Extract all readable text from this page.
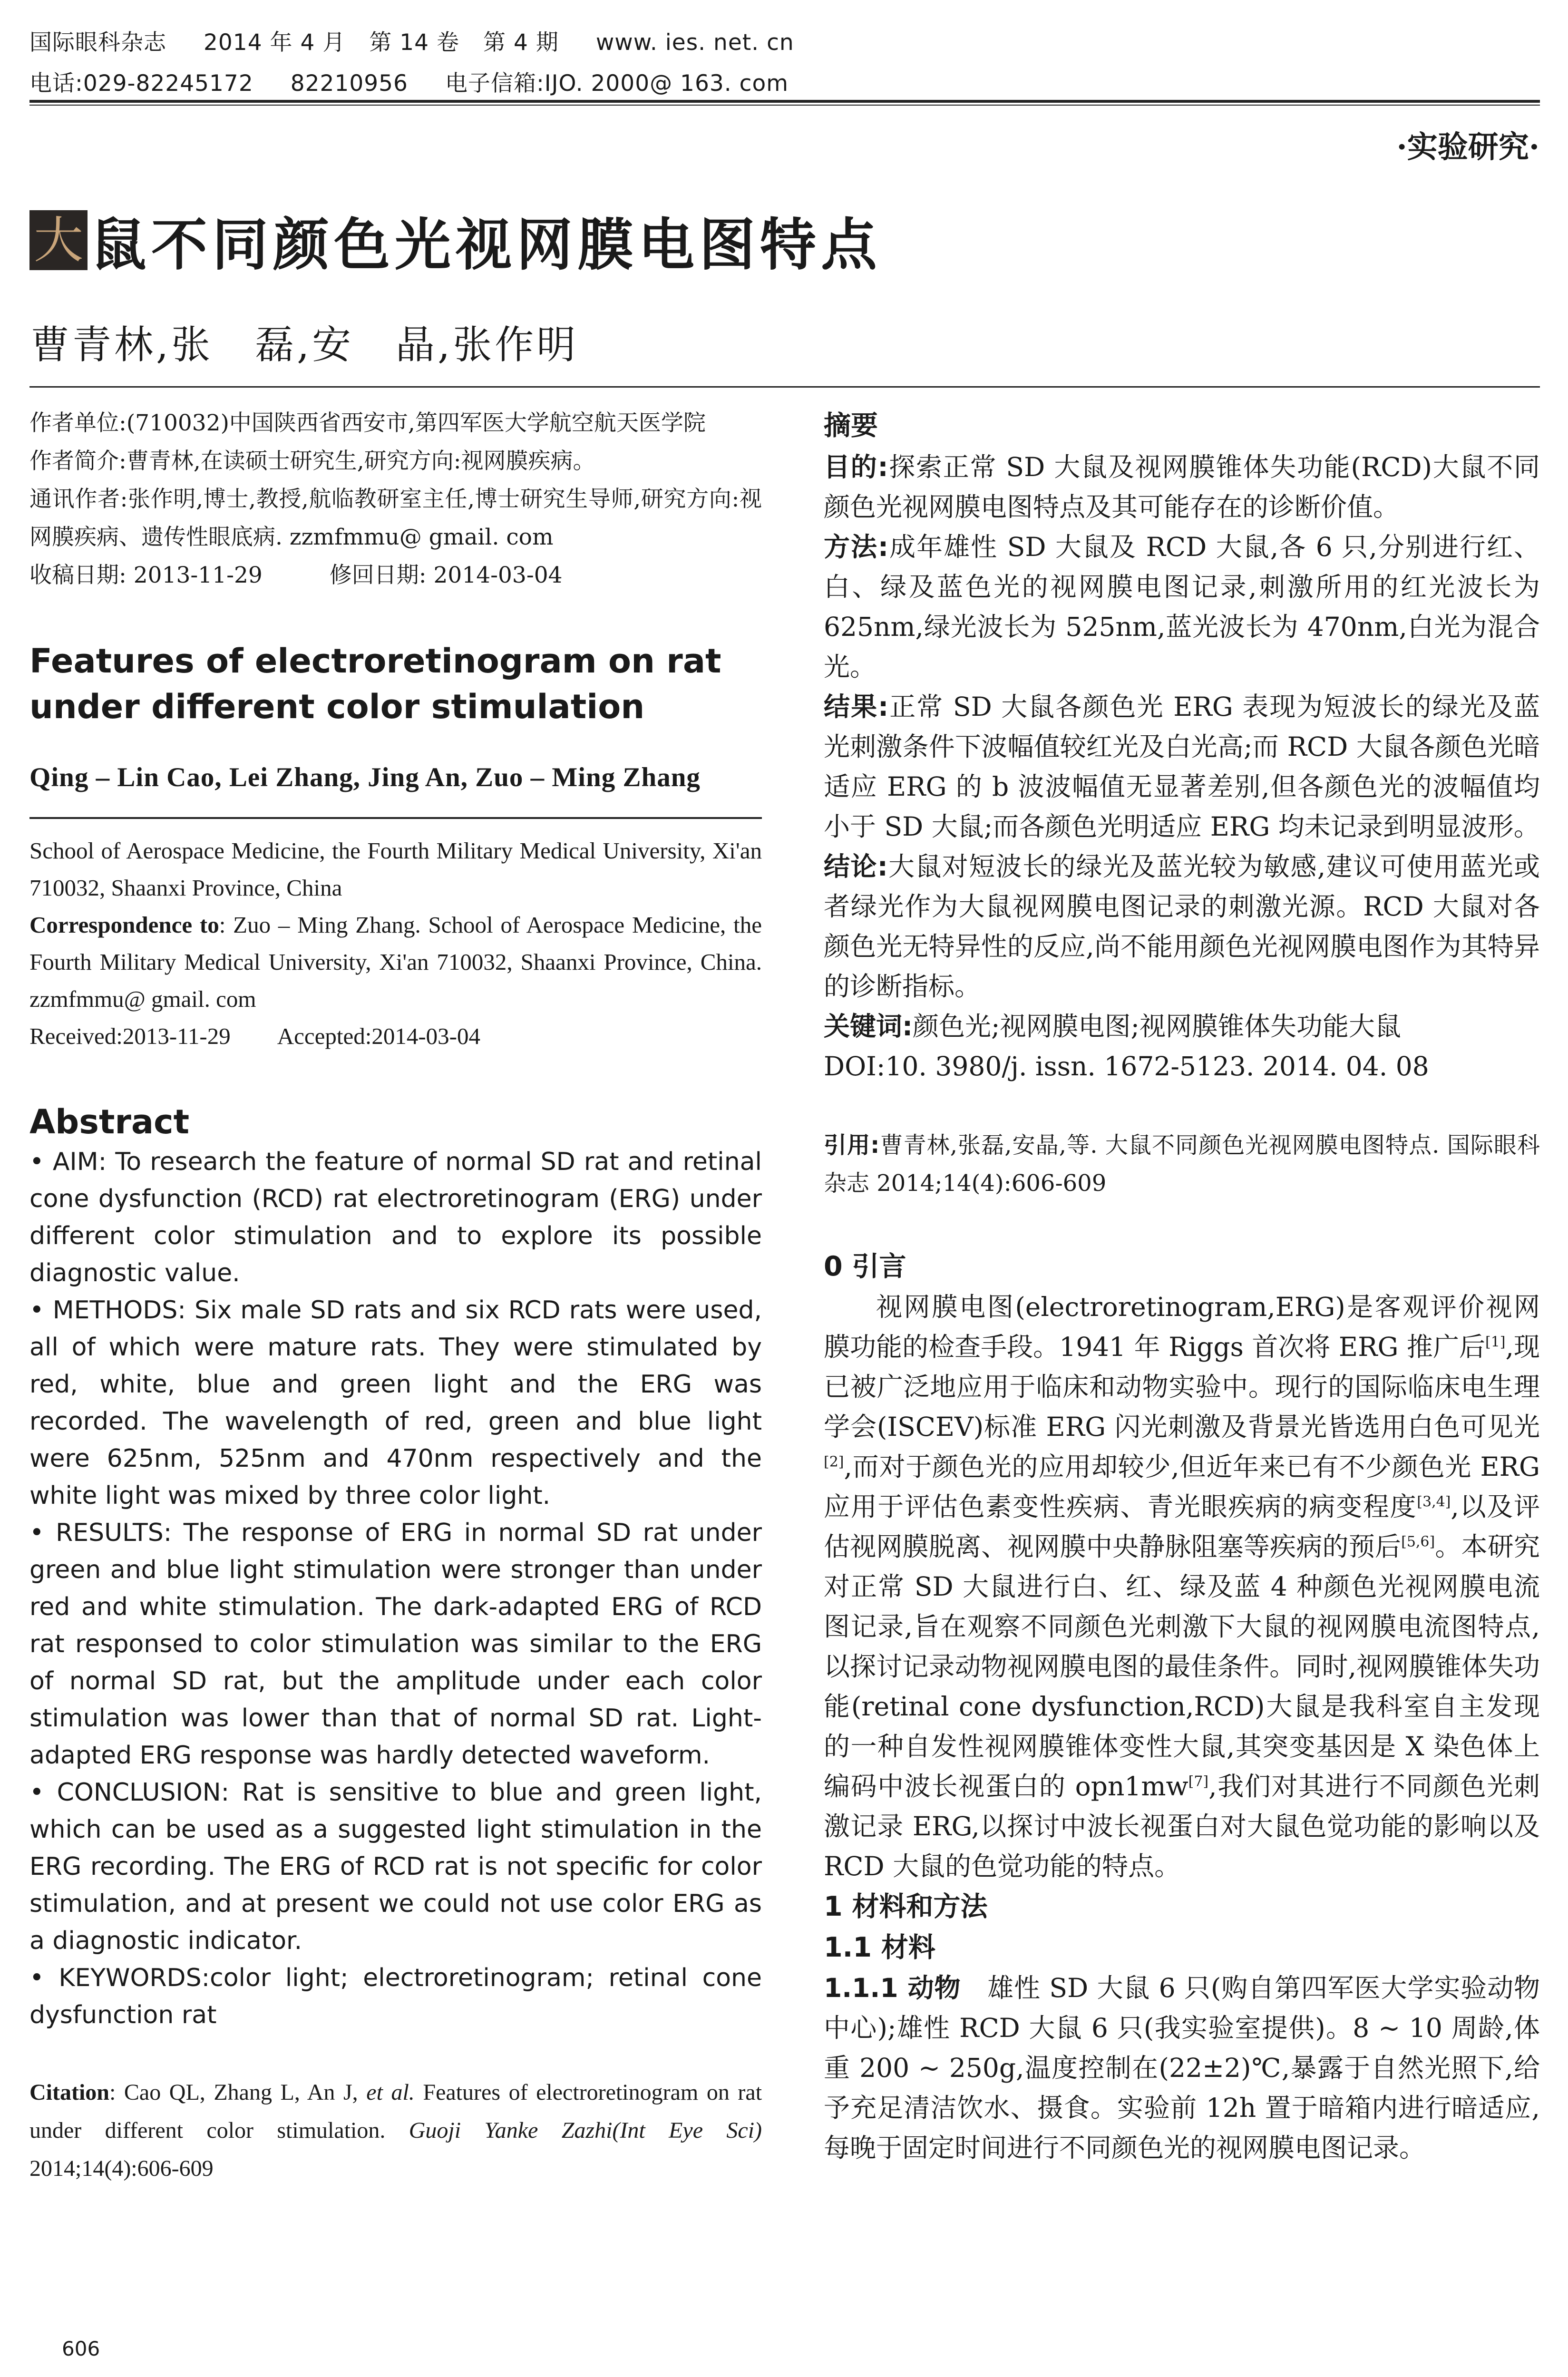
国际眼科杂志 2014 年 4 月 第 14 卷 第 4 期 www. ies. net. cn
电话:029-82245172 82210956 电子信箱:IJO. 2000@ 163. com
·实验研究·
大 鼠不同颜色光视网膜电图特点
曹青林,张　磊,安　晶,张作明

作者单位:(710032)中国陕西省西安市,第四军医大学航空航天医学院

作者简介:曹青林,在读硕士研究生,研究方向:视网膜疾病。

通讯作者:张作明,博士,教授,航临教研室主任,博士研究生导师,研究方向:视网膜疾病、遗传性眼底病. zzmfmmu@ gmail. com

收稿日期: 2013-11-29　　　修回日期: 2014-03-04

Features of electroretinogram on rat under different color stimulation
Qing – Lin Cao, Lei Zhang, Jing An, Zuo – Ming Zhang

School of Aerospace Medicine, the Fourth Military Medical University, Xi'an 710032, Shaanxi Province, China

Correspondence to: Zuo – Ming Zhang. School of Aerospace Medicine, the Fourth Military Medical University, Xi'an 710032, Shaanxi Province, China. zzmfmmu@ gmail. com

Received:2013-11-29　　Accepted:2014-03-04

Abstract

• AIM: To research the feature of normal SD rat and retinal cone dysfunction (RCD) rat electroretinogram (ERG) under different color stimulation and to explore its possible diagnostic value.

• METHODS: Six male SD rats and six RCD rats were used, all of which were mature rats. They were stimulated by red, white, blue and green light and the ERG was recorded. The wavelength of red, green and blue light were 625nm, 525nm and 470nm respectively and the white light was mixed by three color light.

• RESULTS: The response of ERG in normal SD rat under green and blue light stimulation were stronger than under red and white stimulation. The dark-adapted ERG of RCD rat responsed to color stimulation was similar to the ERG of normal SD rat, but the amplitude under each color stimulation was lower than that of normal SD rat. Light-adapted ERG response was hardly detected waveform.

• CONCLUSION: Rat is sensitive to blue and green light, which can be used as a suggested light stimulation in the ERG recording. The ERG of RCD rat is not specific for color stimulation, and at present we could not use color ERG as a diagnostic indicator.

• KEYWORDS:color light; electroretinogram; retinal cone dysfunction rat

Citation: Cao QL, Zhang L, An J, et al. Features of electroretinogram on rat under different color stimulation. Guoji Yanke Zazhi(Int Eye Sci) 2014;14(4):606-609
摘要

目的:探索正常 SD 大鼠及视网膜锥体失功能(RCD)大鼠不同颜色光视网膜电图特点及其可能存在的诊断价值。

方法:成年雄性 SD 大鼠及 RCD 大鼠,各 6 只,分别进行红、白、绿及蓝色光的视网膜电图记录,刺激所用的红光波长为 625nm,绿光波长为 525nm,蓝光波长为 470nm,白光为混合光。

结果:正常 SD 大鼠各颜色光 ERG 表现为短波长的绿光及蓝光刺激条件下波幅值较红光及白光高;而 RCD 大鼠各颜色光暗适应 ERG 的 b 波波幅值无显著差别,但各颜色光的波幅值均小于 SD 大鼠;而各颜色光明适应 ERG 均未记录到明显波形。

结论:大鼠对短波长的绿光及蓝光较为敏感,建议可使用蓝光或者绿光作为大鼠视网膜电图记录的刺激光源。RCD 大鼠对各颜色光无特异性的反应,尚不能用颜色光视网膜电图作为其特异的诊断指标。

关键词:颜色光;视网膜电图;视网膜锥体失功能大鼠

DOI:10. 3980/j. issn. 1672-5123. 2014. 04. 08

引用:曹青林,张磊,安晶,等. 大鼠不同颜色光视网膜电图特点. 国际眼科杂志 2014;14(4):606-609
0 引言

视网膜电图(electroretinogram,ERG)是客观评价视网膜功能的检查手段。1941 年 Riggs 首次将 ERG 推广后[1],现已被广泛地应用于临床和动物实验中。现行的国际临床电生理学会(ISCEV)标准 ERG 闪光刺激及背景光皆选用白色可见光[2],而对于颜色光的应用却较少,但近年来已有不少颜色光 ERG 应用于评估色素变性疾病、青光眼疾病的病变程度[3,4],以及评估视网膜脱离、视网膜中央静脉阻塞等疾病的预后[5,6]。本研究对正常 SD 大鼠进行白、红、绿及蓝 4 种颜色光视网膜电流图记录,旨在观察不同颜色光刺激下大鼠的视网膜电流图特点,以探讨记录动物视网膜电图的最佳条件。同时,视网膜锥体失功能(retinal cone dysfunction,RCD)大鼠是我科室自主发现的一种自发性视网膜锥体变性大鼠,其突变基因是 X 染色体上编码中波长视蛋白的 opn1mw[7],我们对其进行不同颜色光刺激记录 ERG,以探讨中波长视蛋白对大鼠色觉功能的影响以及 RCD 大鼠的色觉功能的特点。

1 材料和方法
1.1 材料

1.1.1 动物　 雄性 SD 大鼠 6 只(购自第四军医大学实验动物中心);雄性 RCD 大鼠 6 只(我实验室提供)。8 ~ 10 周龄,体重 200 ~ 250g,温度控制在(22±2)℃,暴露于自然光照下,给予充足清洁饮水、摄食。实验前 12h 置于暗箱内进行暗适应,每晚于固定时间进行不同颜色光的视网膜电图记录。

606
